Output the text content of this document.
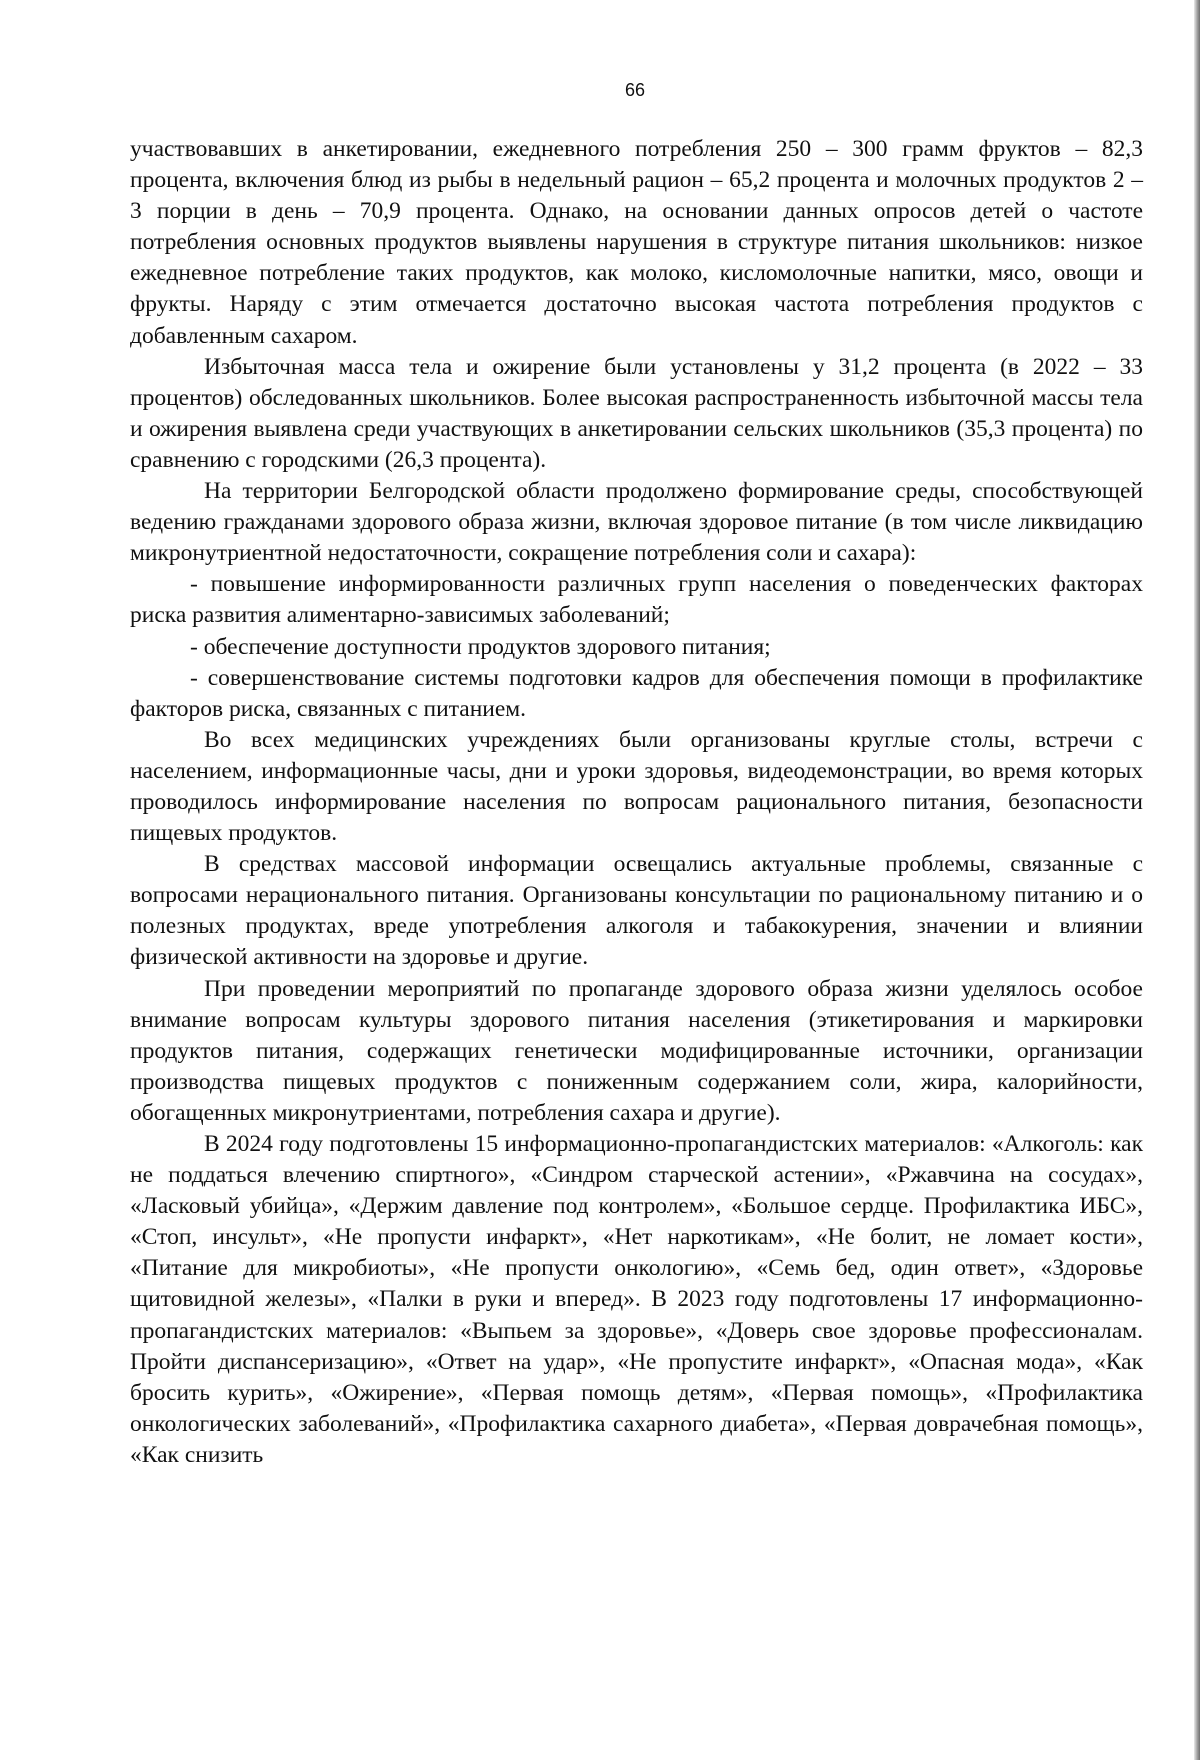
66

участвовавших в анкетировании, ежедневного потребления 250 – 300 грамм фруктов – 82,3 процента, включения блюд из рыбы в недельный рацион – 65,2 процента и молочных продуктов 2 – 3 порции в день – 70,9 процента. Однако, на основании данных опросов детей о частоте потребления основных продуктов выявлены нарушения в структуре питания школьников: низкое ежедневное потребление таких продуктов, как молоко, кисломолочные напитки, мясо, овощи и фрукты. Наряду с этим отмечается достаточно высокая частота потребления продуктов с добавленным сахаром.

Избыточная масса тела и ожирение были установлены у 31,2 процента (в 2022 – 33 процентов) обследованных школьников. Более высокая распространенность избыточной массы тела и ожирения выявлена среди участвующих в анкетировании сельских школьников (35,3 процента) по сравнению с городскими (26,3 процента).

На территории Белгородской области продолжено формирование среды, способствующей ведению гражданами здорового образа жизни, включая здоровое питание (в том числе ликвидацию микронутриентной недостаточности, сокращение потребления соли и сахара):

- повышение информированности различных групп населения о поведенческих факторах риска развития алиментарно-зависимых заболеваний;

- обеспечение доступности продуктов здорового питания;

- совершенствование системы подготовки кадров для обеспечения помощи в профилактике факторов риска, связанных с питанием.

Во всех медицинских учреждениях были организованы круглые столы, встречи с населением, информационные часы, дни и уроки здоровья, видеодемонстрации, во время которых проводилось информирование населения по вопросам рационального питания, безопасности пищевых продуктов.

В средствах массовой информации освещались актуальные проблемы, связанные с вопросами нерационального питания. Организованы консультации по рациональному питанию и о полезных продуктах, вреде употребления алкоголя и табакокурения, значении и влиянии физической активности на здоровье и другие.

При проведении мероприятий по пропаганде здорового образа жизни уделялось особое внимание вопросам культуры здорового питания населения (этикетирования и маркировки продуктов питания, содержащих генетически модифицированные источники, организации производства пищевых продуктов с пониженным содержанием соли, жира, калорийности, обогащенных микронутриентами, потребления сахара и другие).

В 2024 году подготовлены 15 информационно-пропагандистских материалов: «Алкоголь: как не поддаться влечению спиртного», «Синдром старческой астении», «Ржавчина на сосудах», «Ласковый убийца», «Держим давление под контролем», «Большое сердце. Профилактика ИБС», «Стоп, инсульт», «Не пропусти инфаркт», «Нет наркотикам», «Не болит, не ломает кости», «Питание для микробиоты», «Не пропусти онкологию», «Семь бед, один ответ», «Здоровье щитовидной железы», «Палки в руки и вперед». В 2023 году подготовлены 17 информационно-пропагандистских материалов: «Выпьем за здоровье», «Доверь свое здоровье профессионалам. Пройти диспансеризацию», «Ответ на удар», «Не пропустите инфаркт», «Опасная мода», «Как бросить курить», «Ожирение», «Первая помощь детям», «Первая помощь», «Профилактика онкологических заболеваний», «Профилактика сахарного диабета», «Первая доврачебная помощь», «Как снизить
